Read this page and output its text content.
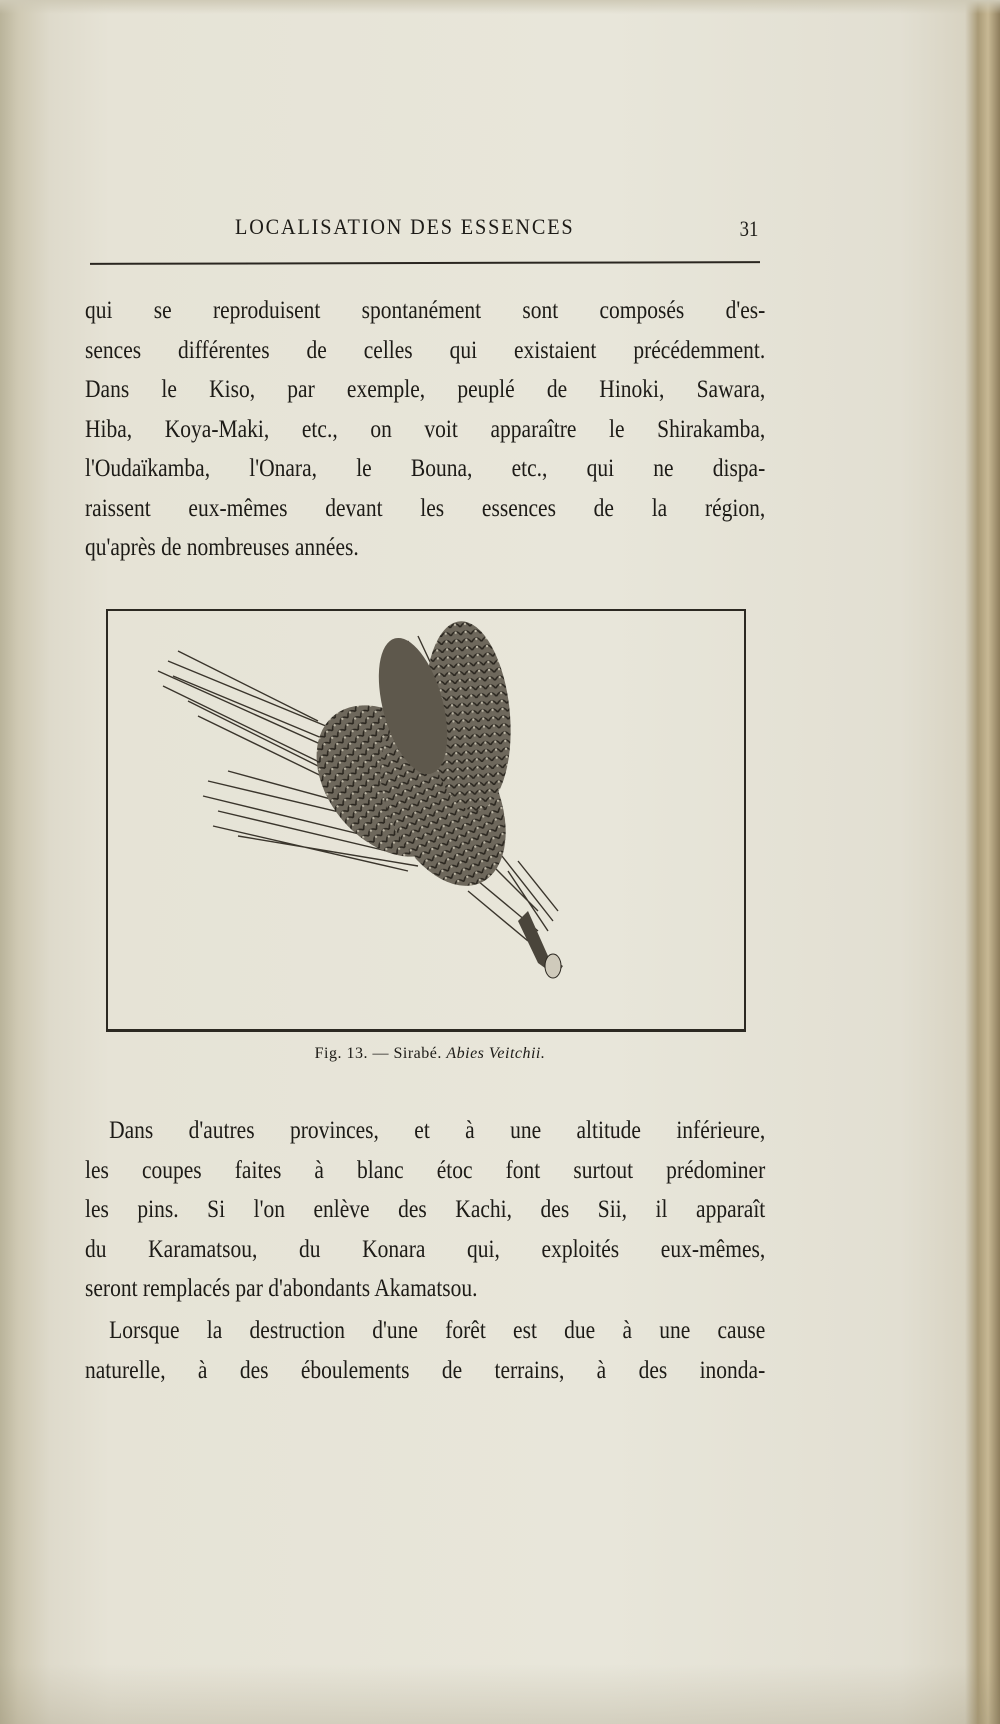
LOCALISATION DES ESSENCES	31
qui se reproduisent spontanément sont composés d'es-
sences différentes de celles qui existaient précédemment.
Dans le Kiso, par exemple, peuplé de Hinoki, Sawara,
Hiba, Koya-Maki, etc., on voit apparaître le Shirakamba,
l'Oudaïkamba, l'Onara, le Bouna, etc., qui ne dispa-
raissent eux-mêmes devant les essences de la région,
qu'après de nombreuses années.
Fig. 13. — Sirabé. Abies Veitchii.
Dans d'autres provinces, et à une altitude inférieure,
les coupes faites à blanc étoc font surtout prédominer
les pins. Si l'on enlève des Kachi, des Sii, il apparaît
du Karamatsou, du Konara qui, exploités eux-mêmes,
seront remplacés par d'abondants Akamatsou.
Lorsque la destruction d'une forêt est due à une cause
naturelle, à des éboulements de terrains, à des inonda-
